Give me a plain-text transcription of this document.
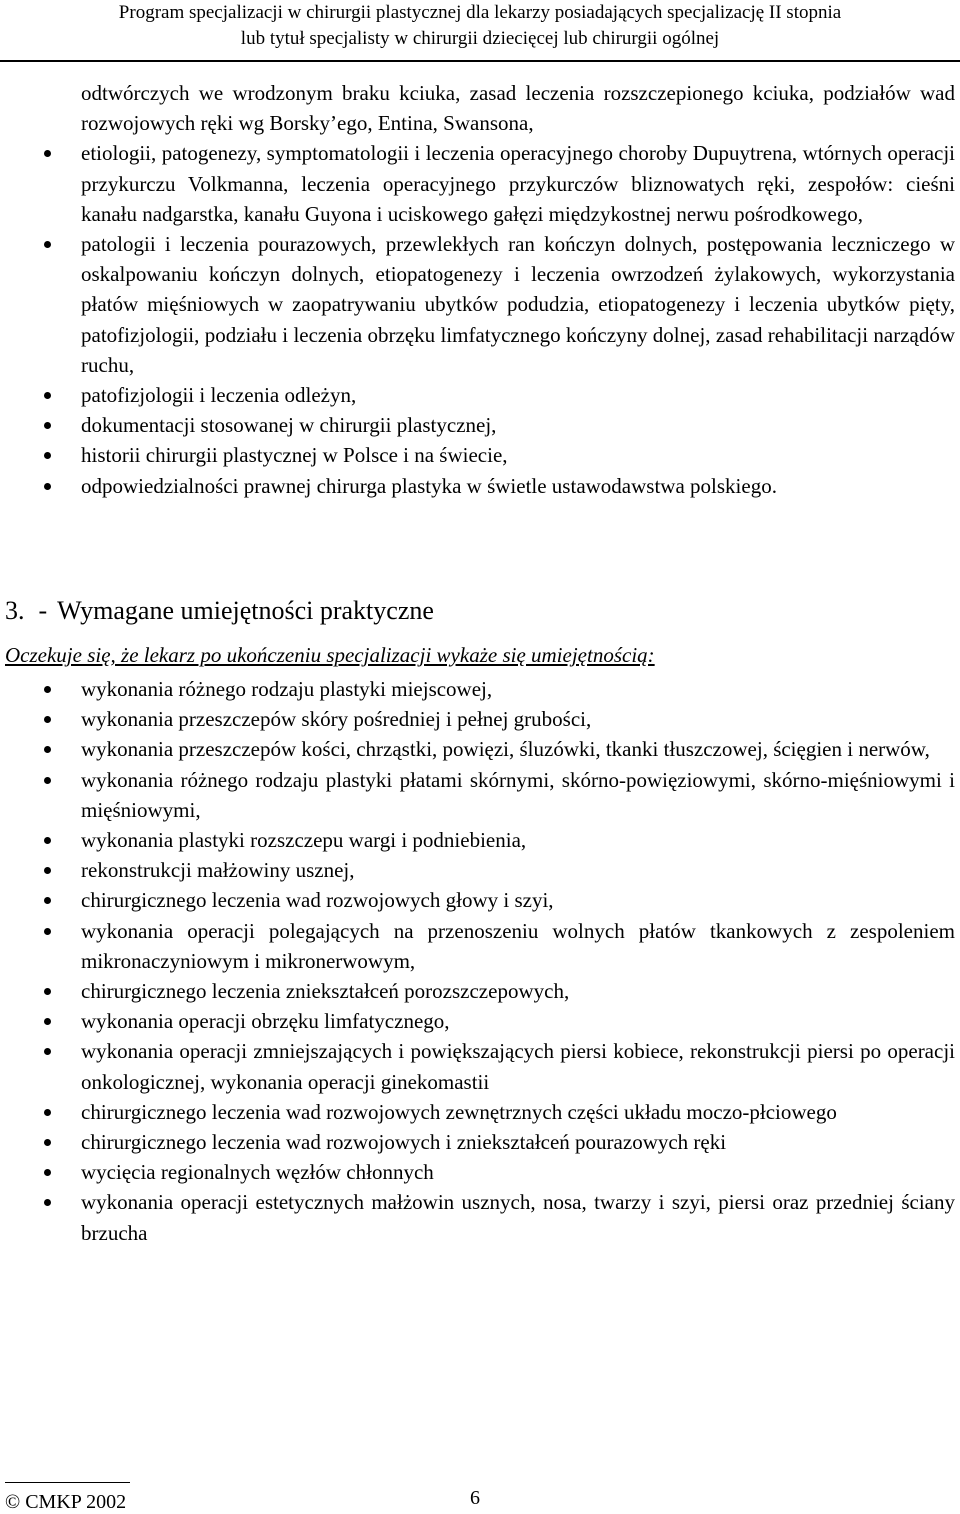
Program specjalizacji w chirurgii plastycznej dla lekarzy posiadających specjalizację II stopnia
lub tytuł specjalisty w chirurgii dziecięcej lub chirurgii ogólnej
odtwórczych we wrodzonym braku kciuka, zasad leczenia rozszczepionego kciuka, podziałów wad rozwojowych ręki wg Borsky’ego, Entina, Swansona,
etiologii, patogenezy, symptomatologii i leczenia operacyjnego choroby Dupuytrena, wtórnych operacji przykurczu Volkmanna, leczenia operacyjnego przykurczów bliznowatych ręki, zespołów: cieśni kanału nadgarstka, kanału Guyona i uciskowego gałęzi międzykostnej nerwu pośrodkowego,
patologii i leczenia pourazowych, przewlekłych ran kończyn dolnych, postępowania leczniczego w oskalpowaniu kończyn dolnych, etiopatogenezy i leczenia owrzodzeń żylakowych, wykorzystania płatów mięśniowych w zaopatrywaniu ubytków podudzia, etiopatogenezy i leczenia ubytków pięty, patofizjologii, podziału i leczenia obrzęku limfatycznego kończyny dolnej, zasad rehabilitacji narządów ruchu,
patofizjologii i leczenia odleżyn,
dokumentacji stosowanej w chirurgii plastycznej,
historii chirurgii plastycznej w Polsce i na świecie,
odpowiedzialności prawnej chirurga plastyka w świetle ustawodawstwa polskiego.
3. - Wymagane umiejętności praktyczne
Oczekuje się, że lekarz po ukończeniu specjalizacji wykaże się umiejętnością:
wykonania różnego rodzaju plastyki miejscowej,
wykonania przeszczepów skóry pośredniej i pełnej grubości,
wykonania przeszczepów kości, chrząstki, powięzi, śluzówki, tkanki tłuszczowej, ścięgien i nerwów,
wykonania różnego rodzaju plastyki płatami skórnymi, skórno-powięziowymi, skórno-mięśniowymi i mięśniowymi,
wykonania plastyki rozszczepu wargi i podniebienia,
rekonstrukcji małżowiny usznej,
chirurgicznego leczenia wad rozwojowych głowy i szyi,
wykonania operacji polegających na przenoszeniu wolnych płatów tkankowych z zespoleniem mikronaczyniowym i mikronerwowym,
chirurgicznego leczenia zniekształceń porozszczepowych,
wykonania operacji obrzęku limfatycznego,
wykonania operacji zmniejszających i powiększających piersi kobiece, rekonstrukcji piersi po operacji onkologicznej, wykonania operacji ginekomastii
chirurgicznego leczenia wad rozwojowych zewnętrznych części układu moczo-płciowego
chirurgicznego leczenia wad rozwojowych i zniekształceń pourazowych ręki
wycięcia regionalnych węzłów chłonnych
wykonania operacji estetycznych małżowin usznych, nosa, twarzy i szyi, piersi oraz przedniej ściany brzucha
© CMKP 2002	6
